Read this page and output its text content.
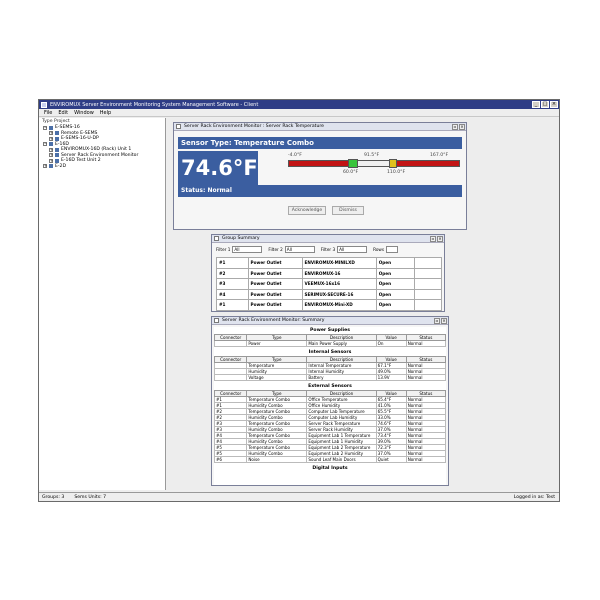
ENVIROMUX Server Environment Monitoring System Management Software - Client	_	□ ×
File Edit Window Help
Type Project
− E-SEMS-16
+ Remote E-SEMS
+ E-SEMS-16-U-DP
− E-16D
+ ENVIROMUX-16D (Rack) Unit 1
+ Server Rack Environment Monitor
+ E-16D Test Unit 2
+ E-2D
Server Rack Environment Monitor : Server Rack Temperature	▫ ×
Sensor Type: Temperature Combo
74.6°F
-4.0°F	91.5°F	167.0°F
60.0°F	110.0°F
Status: Normal
Acknowledge	Dismiss
Group Summary	▫ ×
Filter 1 All	Filter 2 All	Filter 3 All	Rows
#1	Power Outlet	ENVIROMUX-MINILXD	Open	
#2	Power Outlet	ENVIROMUX-16	Open	
#3	Power Outlet	VEEMUX-16x16	Open	
#4	Power Outlet	SERIMUX-SECURE-16	Open	
#1	Power Outlet	ENVIROMUX-Mini-XD	Open	
Server Rack Environment Monitor: Summary	▫ ×
Power Supplies
Connector	Type	Description	Value	Status
	Power	Main Power Supply	On	Normal
Internal Sensors
Connector	Type	Description	Value	Status
	Temperature	Internal Temperature	67.1°F	Normal
	Humidity	Internal Humidity	49.0%	Normal
	Voltage	Battery	13.9V	Normal
External Sensors
Connector	Type	Description	Value	Status
#1	Temperature Combo	Office Temperature	65.4°F	Normal
#1	Humidity Combo	Office Humidity	41.0%	Normal
#2	Temperature Combo	Computer Lab Temperature	65.5°F	Normal
#2	Humidity Combo	Computer Lab Humidity	33.0%	Normal
#3	Temperature Combo	Server Rack Temperature	74.6°F	Normal
#3	Humidity Combo	Server Rack Humidity	37.0%	Normal
#4	Temperature Combo	Equipment Lab 1 Temperature	73.4°F	Normal
#4	Humidity Combo	Equipment Lab 1 Humidity	39.0%	Normal
#5	Temperature Combo	Equipment Lab 2 Temperature	72.3°F	Normal
#5	Humidity Combo	Equipment Lab 2 Humidity	37.0%	Normal
#6	Noise	Sound Leaf Main Doors	Quiet	Normal
Digital Inputs
Groups: 3 Sems Units: 7	Logged in as: Test
